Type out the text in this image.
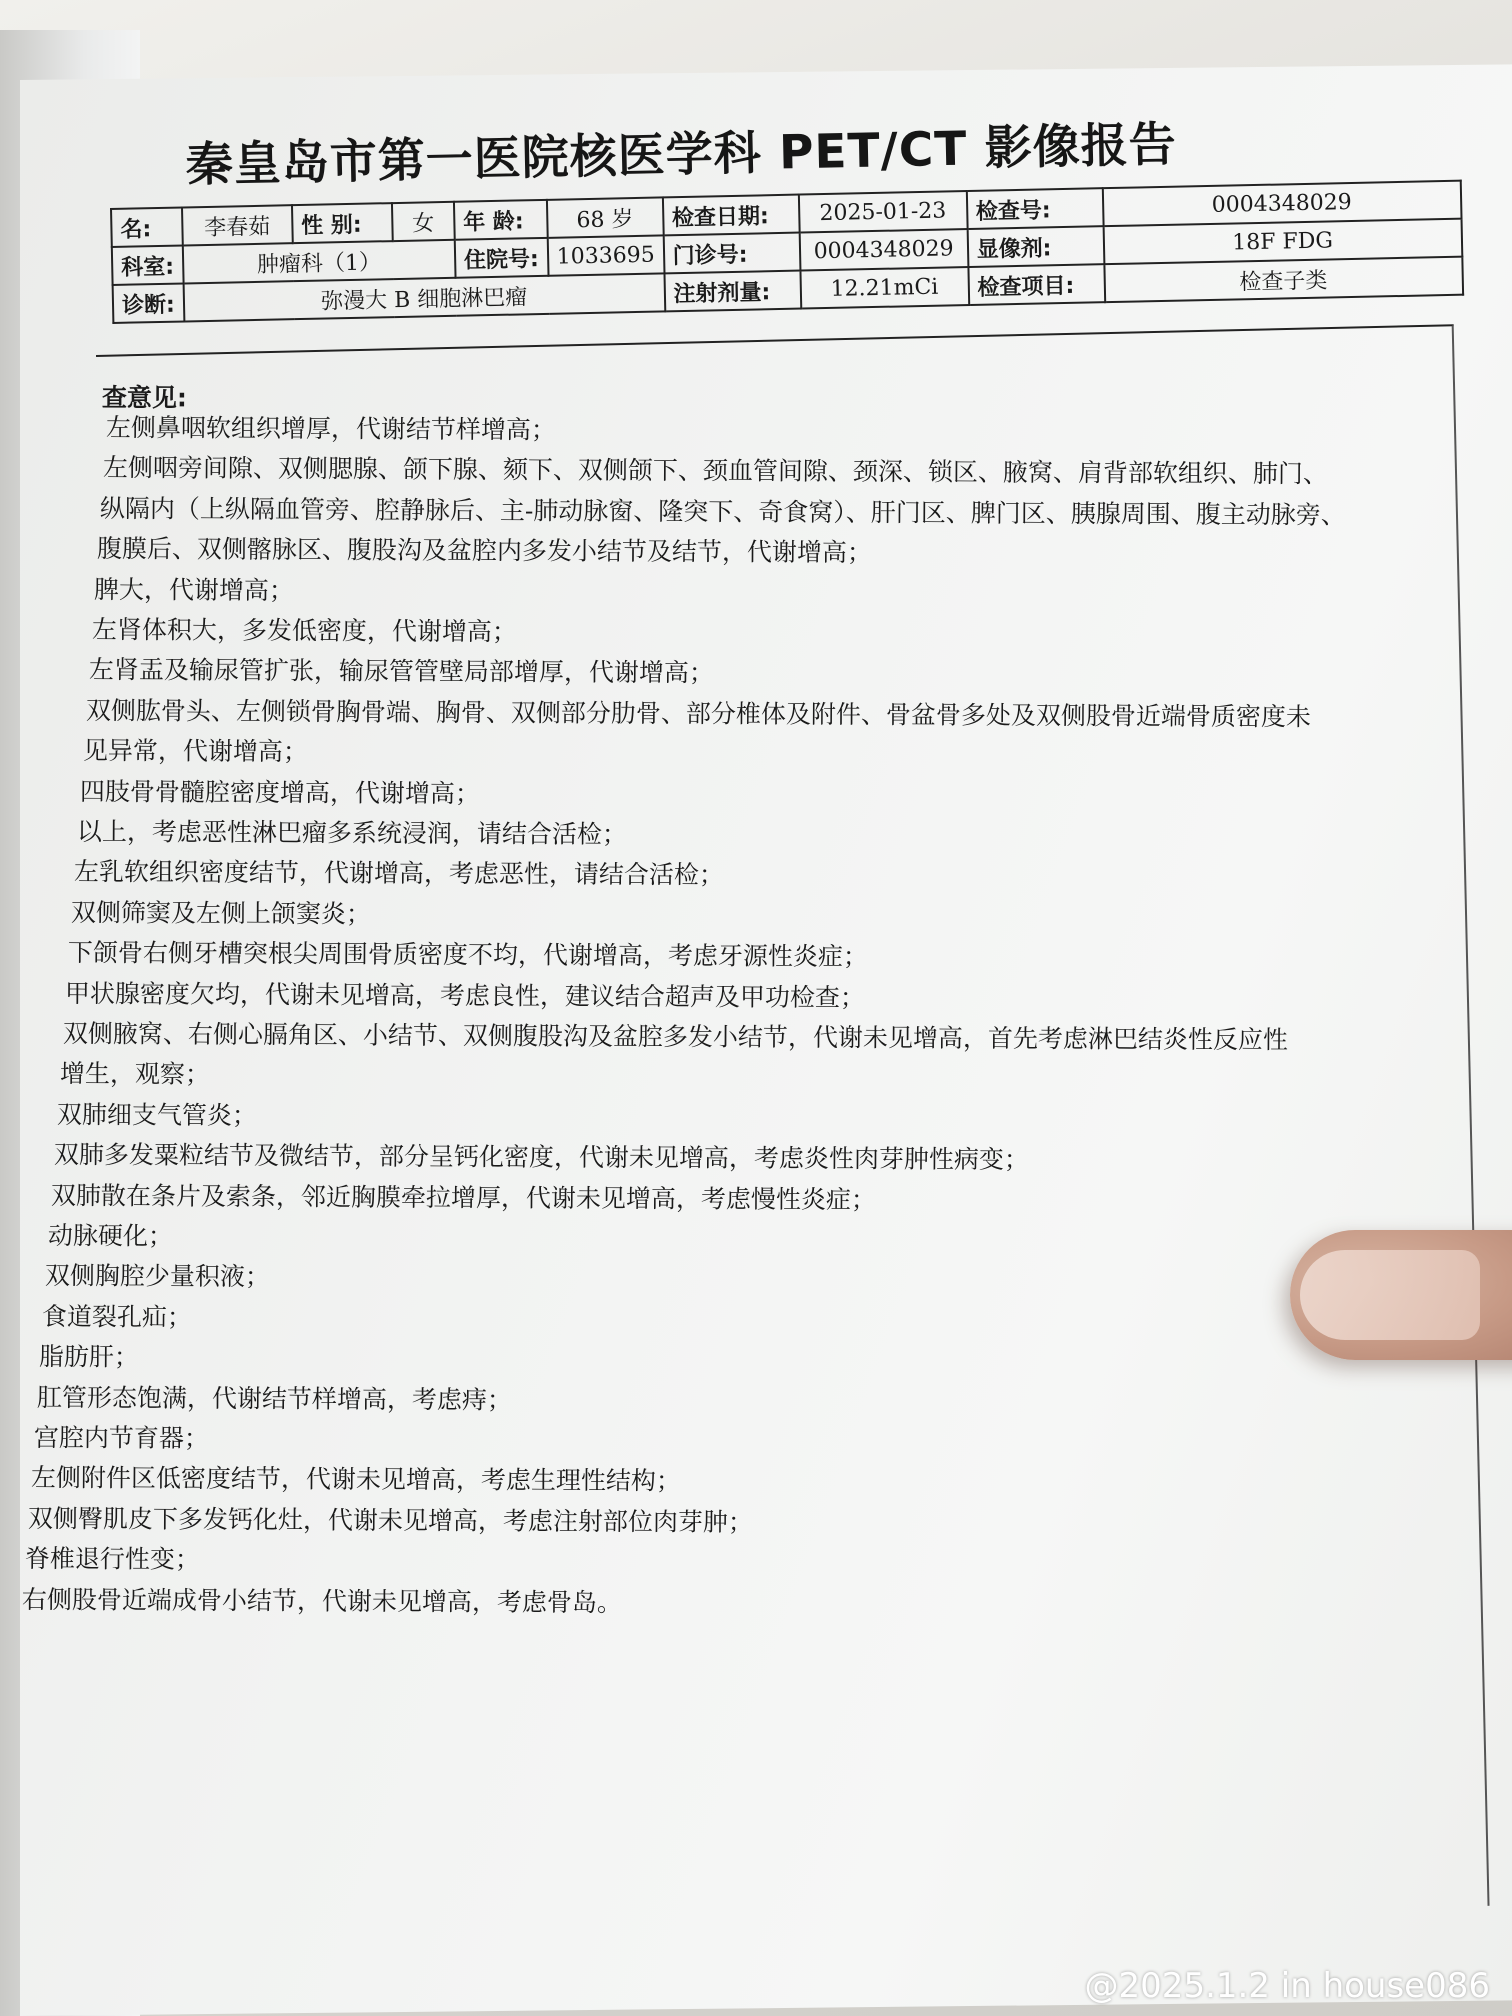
秦皇岛市第一医院核医学科 PET/CT 影像报告
名:	李春茹	性 别:	女	年 龄:	68 岁	检查日期:	2025-01-23	检查号:	0004348029
科室:	肿瘤科（1）			住院号:	1033695	门诊号:	0004348029	显像剂:	18F FDG
诊断:	弥漫大 B 细胞淋巴瘤					注射剂量:	12.21mCi	检查项目:	检查子类
查意见:
左侧鼻咽软组织增厚，代谢结节样增高；
左侧咽旁间隙、双侧腮腺、颌下腺、颏下、双侧颌下、颈血管间隙、颈深、锁区、腋窝、肩背部软组织、肺门、
纵隔内（上纵隔血管旁、腔静脉后、主-肺动脉窗、隆突下、奇食窝）、肝门区、脾门区、胰腺周围、腹主动脉旁、
腹膜后、双侧髂脉区、腹股沟及盆腔内多发小结节及结节，代谢增高；
脾大，代谢增高；
左肾体积大，多发低密度，代谢增高；
左肾盂及输尿管扩张，输尿管管壁局部增厚，代谢增高；
双侧肱骨头、左侧锁骨胸骨端、胸骨、双侧部分肋骨、部分椎体及附件、骨盆骨多处及双侧股骨近端骨质密度未
见异常，代谢增高；
四肢骨骨髓腔密度增高，代谢增高；
以上，考虑恶性淋巴瘤多系统浸润，请结合活检；
左乳软组织密度结节，代谢增高，考虑恶性，请结合活检；
双侧筛窦及左侧上颌窦炎；
下颌骨右侧牙槽突根尖周围骨质密度不均，代谢增高，考虑牙源性炎症；
甲状腺密度欠均，代谢未见增高，考虑良性，建议结合超声及甲功检查；
双侧腋窝、右侧心膈角区、小结节、双侧腹股沟及盆腔多发小结节，代谢未见增高，首先考虑淋巴结炎性反应性
增生，观察；
双肺细支气管炎；
双肺多发粟粒结节及微结节，部分呈钙化密度，代谢未见增高，考虑炎性肉芽肿性病变；
双肺散在条片及索条，邻近胸膜牵拉增厚，代谢未见增高，考虑慢性炎症；
动脉硬化；
双侧胸腔少量积液；
食道裂孔疝；
脂肪肝；
肛管形态饱满，代谢结节样增高，考虑痔；
宫腔内节育器；
左侧附件区低密度结节，代谢未见增高，考虑生理性结构；
双侧臀肌皮下多发钙化灶，代谢未见增高，考虑注射部位肉芽肿；
脊椎退行性变；
右侧股骨近端成骨小结节，代谢未见增高，考虑骨岛。
@2025.1.2 in house086
